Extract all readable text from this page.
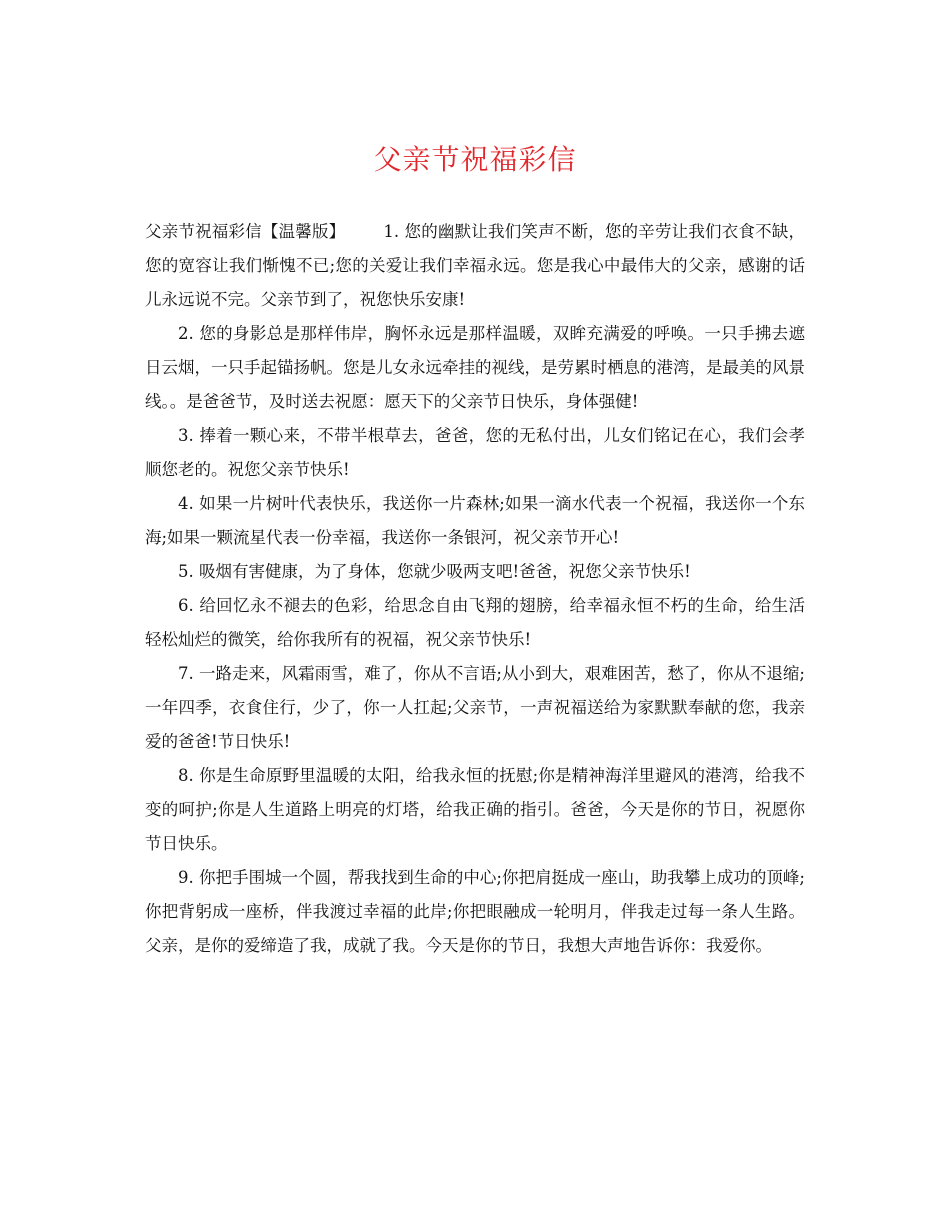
父亲节祝福彩信

父亲节祝福彩信【温馨版】 1. 您的幽默让我们笑声不断，您的辛劳让我们衣食不缺，您的宽容让我们惭愧不已;您的关爱让我们幸福永远。您是我心中最伟大的父亲，感谢的话儿永远说不完。父亲节到了，祝您快乐安康!

2. 您的身影总是那样伟岸，胸怀永远是那样温暖，双眸充满爱的呼唤。一只手拂去遮日云烟，一只手起锚扬帆。您是儿女永远牵挂的视线，是劳累时栖息的港湾，是最美的风景线。。是爸爸节，及时送去祝愿：愿天下的父亲节日快乐，身体强健!

3. 捧着一颗心来，不带半根草去，爸爸，您的无私付出，儿女们铭记在心，我们会孝顺您老的。祝您父亲节快乐!

4. 如果一片树叶代表快乐，我送你一片森林;如果一滴水代表一个祝福，我送你一个东海;如果一颗流星代表一份幸福，我送你一条银河，祝父亲节开心!

5. 吸烟有害健康，为了身体，您就少吸两支吧!爸爸，祝您父亲节快乐!

6. 给回忆永不褪去的色彩，给思念自由飞翔的翅膀，给幸福永恒不朽的生命，给生活轻松灿烂的微笑，给你我所有的祝福，祝父亲节快乐!

7. 一路走来，风霜雨雪，难了，你从不言语;从小到大，艰难困苦，愁了，你从不退缩;一年四季，衣食住行，少了，你一人扛起;父亲节，一声祝福送给为家默默奉献的您，我亲爱的爸爸!节日快乐!

8. 你是生命原野里温暖的太阳，给我永恒的抚慰;你是精神海洋里避风的港湾，给我不变的呵护;你是人生道路上明亮的灯塔，给我正确的指引。爸爸，今天是你的节日，祝愿你节日快乐。

9. 你把手围城一个圆，帮我找到生命的中心;你把肩挺成一座山，助我攀上成功的顶峰;你把背躬成一座桥，伴我渡过幸福的此岸;你把眼融成一轮明月，伴我走过每一条人生路。父亲，是你的爱缔造了我，成就了我。今天是你的节日，我想大声地告诉你：我爱你。
